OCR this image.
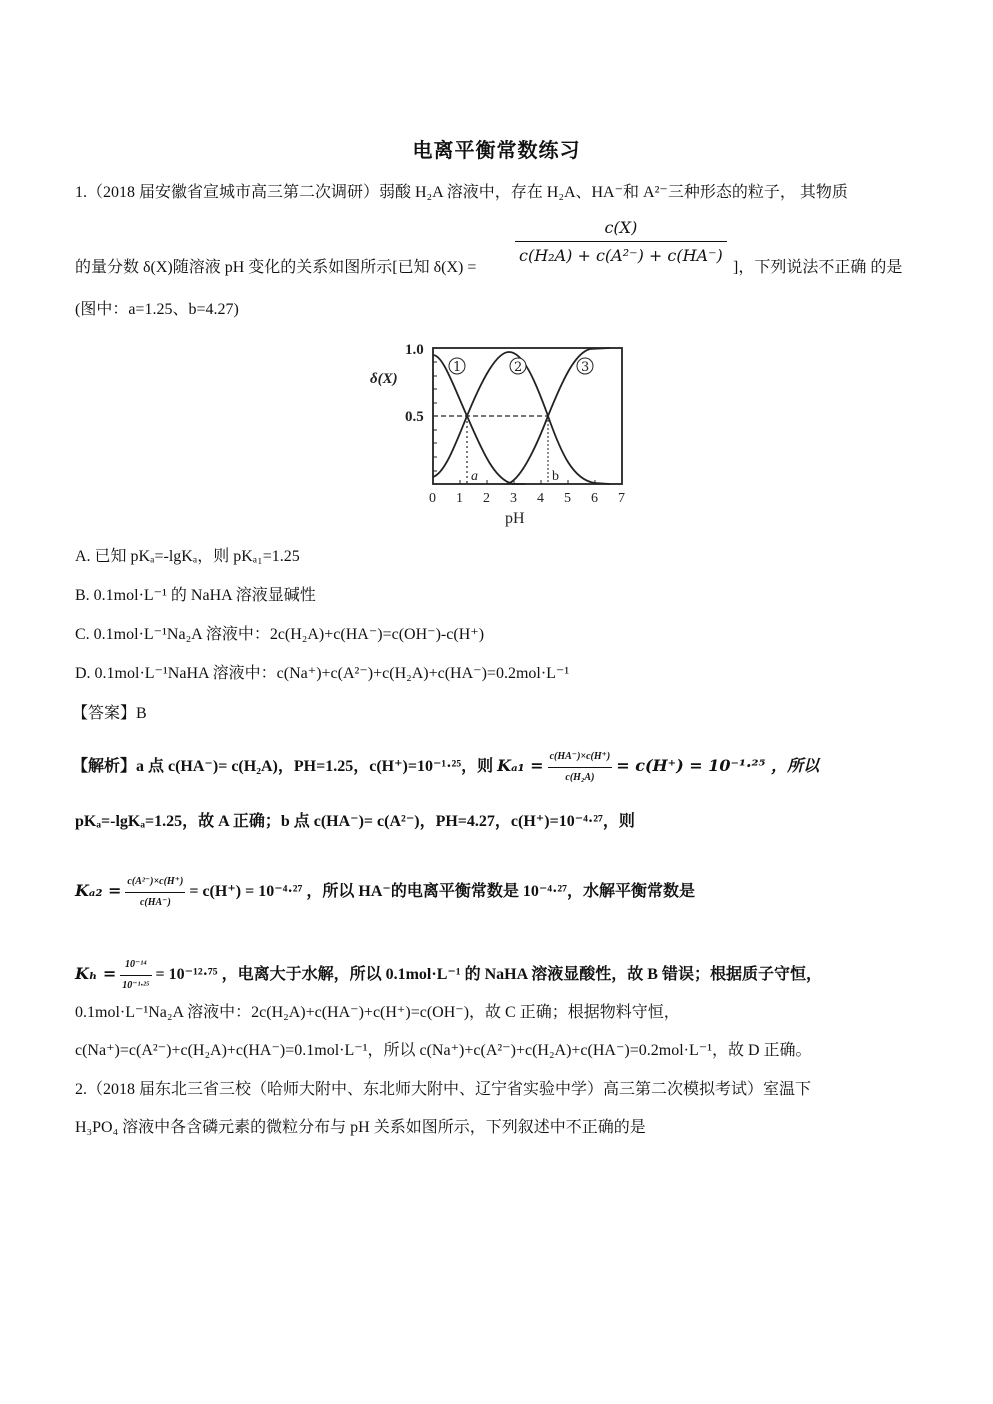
电离平衡常数练习
1.（2018 届安徽省宣城市高三第二次调研）弱酸 H₂A 溶液中，存在 H₂A、HA⁻和 A²⁻三种形态的粒子， 其物质
的量分数 δ(X)随溶液 pH 变化的关系如图所示[已知 δ(X) =
$\frac{c(X)}{\text{c(H₂A) + c(A²⁻) + c(HA⁻)}}$
]，下列说法不正确 的是
(图中：a=1.25、b=4.27)
1	2	3
1.0
0.5
δ(X)
a	b
0 1 2 3 4 5 6 7
pH
A. 已知 pKₐ=-lgKₐ，则 pKₐ₁=1.25
B. 0.1mol·L⁻¹ 的 NaHA 溶液显碱性
C. 0.1mol·L⁻¹Na₂A 溶液中：2c(H₂A)+c(HA⁻)=c(OH⁻)-c(H⁺)
D. 0.1mol·L⁻¹NaHA 溶液中：c(Na⁺)+c(A²⁻)+c(H₂A)+c(HA⁻)=0.2mol·L⁻¹
【答案】B
【解析】a 点 c(HA⁻)= c(H₂A)，PH=1.25，c(H⁺)=10⁻¹·²⁵，则 $K_{a1} = \frac{c(HA^-)\times c(H^+)}{\text{c(H₂A)}} = c(H^+) = 10^{-1}\cdot^{25}$ ，所以
pKₐ=-lgKₐ=1.25，故 A 正确；b 点 c(HA⁻)= c(A²⁻)，PH=4.27，c(H⁺)=10⁻⁴·²⁷，则
$K_{a2} = \frac{\text{c(A²⁻)×c(H⁺)}}{c(HA^-)} = c(H^+) = 10^{-4}\cdot^{27}$ ，所以 HA⁻的电离平衡常数是 10⁻⁴·²⁷，水解平衡常数是
$K_h = \frac{\text{10⁻¹⁴}}{\text{10⁻¹·²⁵}} = 10^{-12}\cdot^{75}$ ，电离大于水解，所以 0.1mol·L⁻¹ 的 NaHA 溶液显酸性，故 B 错误；根据质子守恒，
0.1mol·L⁻¹Na₂A 溶液中：2c(H₂A)+c(HA⁻)+c(H⁺)=c(OH⁻)，故 C 正确；根据物料守恒，
c(Na⁺)=c(A²⁻)+c(H₂A)+c(HA⁻)=0.1mol·L⁻¹，所以 c(Na⁺)+c(A²⁻)+c(H₂A)+c(HA⁻)=0.2mol·L⁻¹，故 D 正确。
2.（2018 届东北三省三校（哈师大附中、东北师大附中、辽宁省实验中学）高三第二次模拟考试）室温下
H₃PO₄ 溶液中各含磷元素的微粒分布与 pH 关系如图所示，下列叙述中不正确的是
